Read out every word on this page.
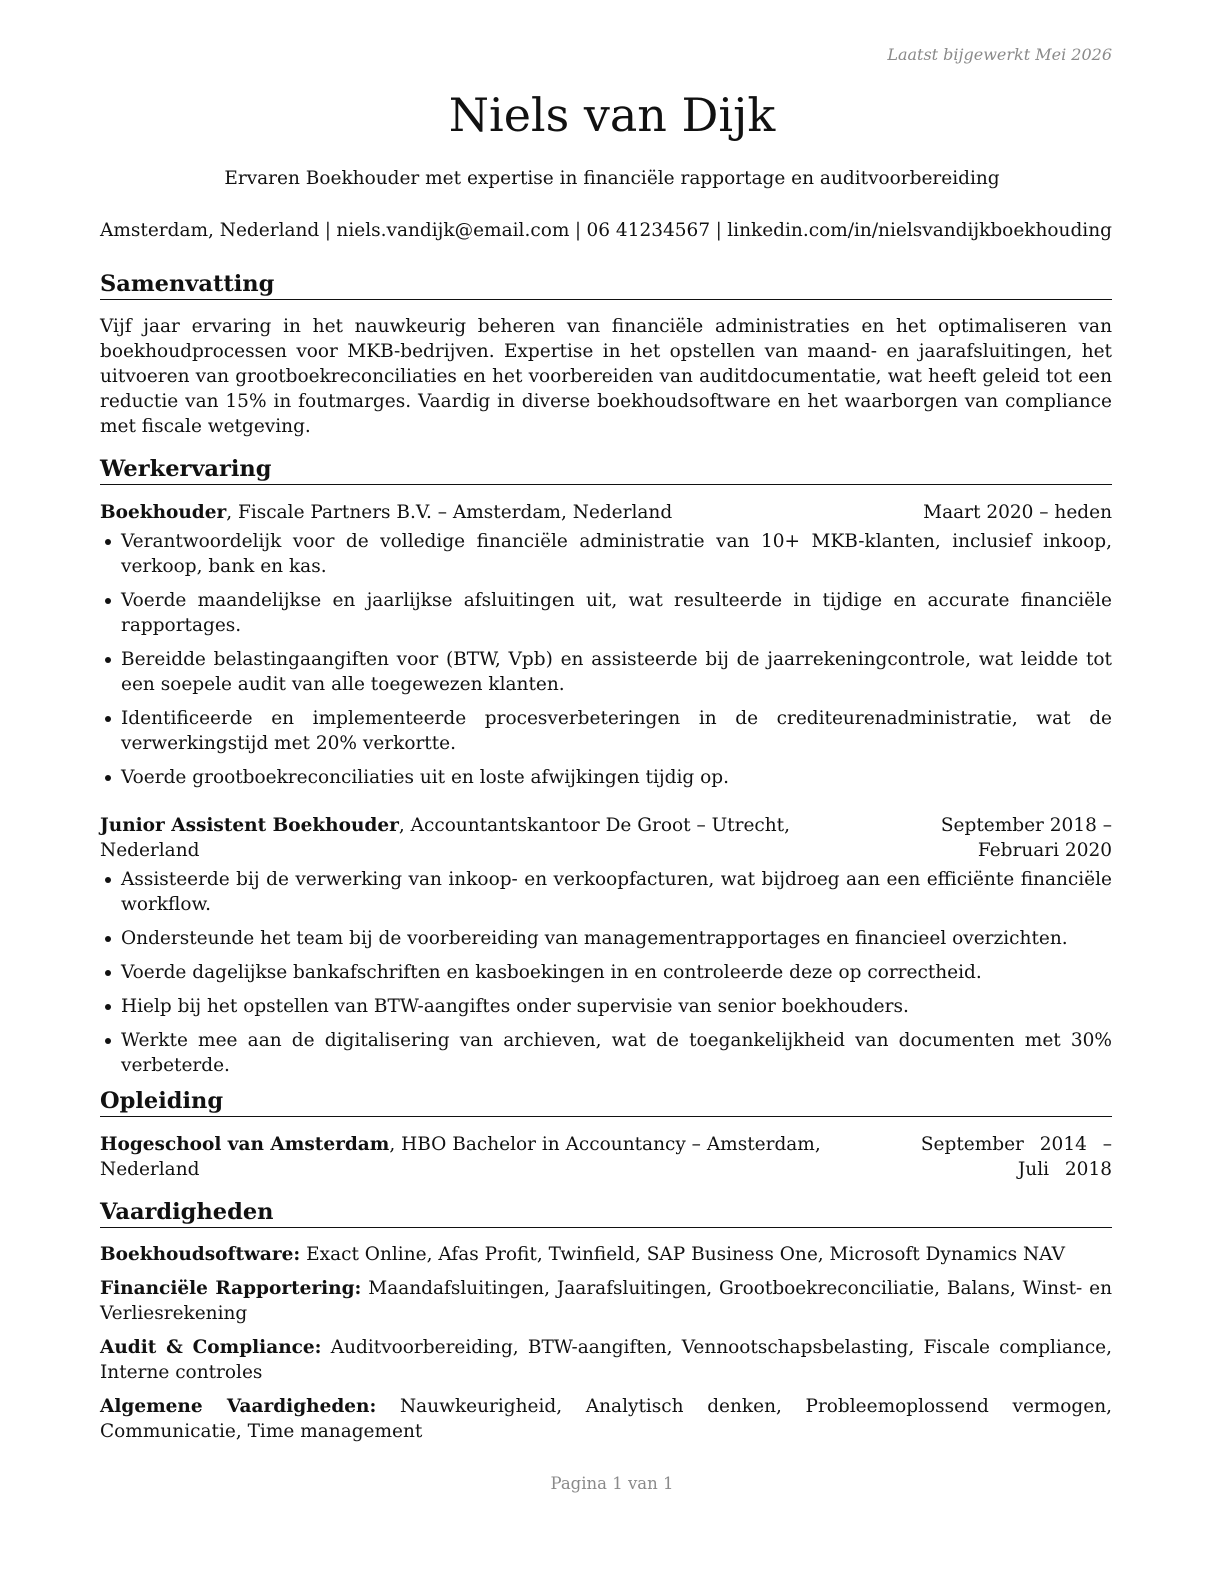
Laatst bijgewerkt Mei 2026
Niels van Dijk

Ervaren Boekhouder met expertise in financiële rapportage en auditvoorbereiding

Amsterdam, Nederland | niels.vandijk@email.com | 06 41234567 | linkedin.com/in/nielsvandijkboekhouding
Samenvatting

Vijf jaar ervaring in het nauwkeurig beheren van financiële administraties en het optimaliseren van boekhoudprocessen voor MKB-bedrijven. Expertise in het opstellen van maand- en jaarafsluitingen, het uitvoeren van grootboekreconciliaties en het voorbereiden van auditdocumentatie, wat heeft geleid tot een reductie van 15% in foutmarges. Vaardig in diverse boekhoudsoftware en het waarborgen van compliance met fiscale wetgeving.

Werkervaring
Boekhouder, Fiscale Partners B.V. – Amsterdam, Nederland	Maart 2020 – heden
Verantwoordelijk voor de volledige financiële administratie van 10+ MKB-klanten, inclusief inkoop, verkoop, bank en kas.
Voerde maandelijkse en jaarlijkse afsluitingen uit, wat resulteerde in tijdige en accurate financiële rapportages.
Bereidde belastingaangiften voor (BTW, Vpb) en assisteerde bij de jaarrekeningcontrole, wat leidde tot een soepele audit van alle toegewezen klanten.
Identificeerde en implementeerde procesverbeteringen in de crediteurenadministratie, wat de verwerkingstijd met 20% verkortte.
Voerde grootboekreconciliaties uit en loste afwijkingen tijdig op.
Junior Assistent Boekhouder, Accountantskantoor De Groot – Utrecht, Nederland
September 2018 – Februari 2020
Assisteerde bij de verwerking van inkoop- en verkoopfacturen, wat bijdroeg aan een efficiënte financiële workflow.
Ondersteunde het team bij de voorbereiding van managementrapportages en financieel overzichten.
Voerde dagelijkse bankafschriften en kasboekingen in en controleerde deze op correctheid.
Hielp bij het opstellen van BTW-aangiftes onder supervisie van senior boekhouders.
Werkte mee aan de digitalisering van archieven, wat de toegankelijkheid van documenten met 30% verbeterde.
Opleiding
Hogeschool van Amsterdam, HBO Bachelor in Accountancy – Amsterdam, Nederland
September 2014 – Juli 2018
Vaardigheden

Boekhoudsoftware: Exact Online, Afas Profit, Twinfield, SAP Business One, Microsoft Dynamics NAV

Financiële Rapportering: Maandafsluitingen, Jaarafsluitingen, Grootboekreconciliatie, Balans, Winst- en Verliesrekening

Audit & Compliance: Auditvoorbereiding, BTW-aangiften, Vennootschapsbelasting, Fiscale compliance, Interne controles

Algemene Vaardigheden: Nauwkeurigheid, Analytisch denken, Probleemoplossend vermogen, Communicatie, Time management

Pagina 1 van 1
